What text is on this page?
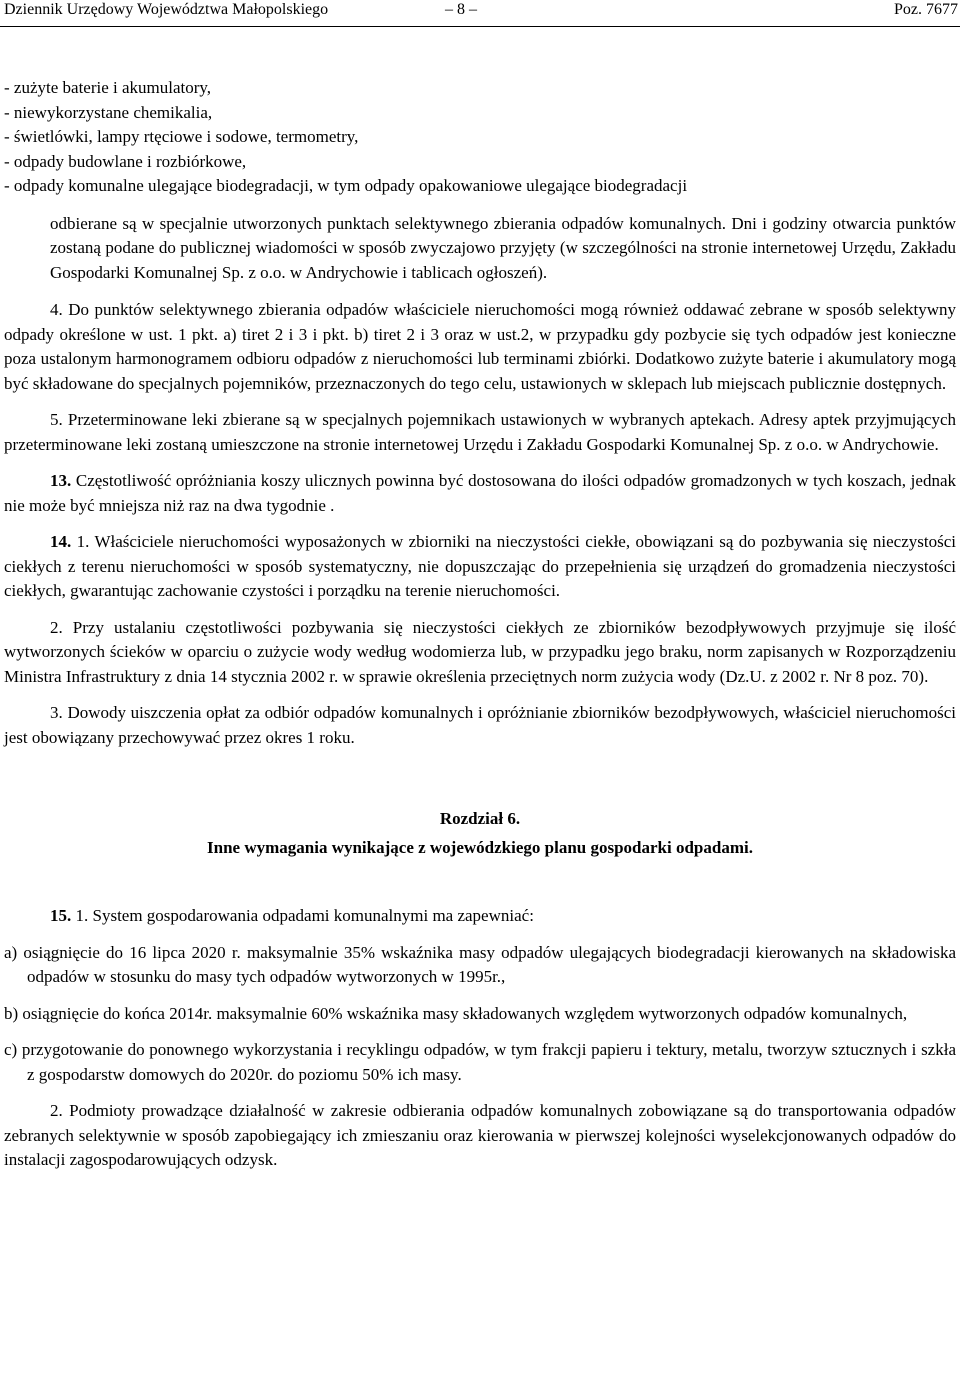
Dziennik Urzędowy Województwa Małopolskiego	– 8 –	Poz. 7677
- zużyte baterie i akumulatory,
- niewykorzystane chemikalia,
- świetlówki, lampy rtęciowe i sodowe, termometry,
- odpady budowlane i rozbiórkowe,
- odpady komunalne ulegające biodegradacji, w tym odpady opakowaniowe ulegające biodegradacji

odbierane są w specjalnie utworzonych punktach selektywnego zbierania odpadów komunalnych. Dni i godziny otwarcia punktów zostaną podane do publicznej wiadomości w sposób zwyczajowo przyjęty (w szczególności na stronie internetowej Urzędu, Zakładu Gospodarki Komunalnej Sp. z o.o. w Andrychowie i tablicach ogłoszeń).

4. Do punktów selektywnego zbierania odpadów właściciele nieruchomości mogą również oddawać zebrane w sposób selektywny odpady określone w ust. 1 pkt. a) tiret 2 i 3 i pkt. b) tiret 2 i 3 oraz w ust.2, w przypadku gdy pozbycie się tych odpadów jest konieczne poza ustalonym harmonogramem odbioru odpadów z nieruchomości lub terminami zbiórki. Dodatkowo zużyte baterie i akumulatory mogą być składowane do specjalnych pojemników, przeznaczonych do tego celu, ustawionych w sklepach lub miejscach publicznie dostępnych.

5. Przeterminowane leki zbierane są w specjalnych pojemnikach ustawionych w wybranych aptekach. Adresy aptek przyjmujących przeterminowane leki zostaną umieszczone na stronie internetowej Urzędu i Zakładu Gospodarki Komunalnej Sp. z o.o. w Andrychowie.

13. Częstotliwość opróżniania koszy ulicznych powinna być dostosowana do ilości odpadów gromadzonych w tych koszach, jednak nie może być mniejsza niż raz na dwa tygodnie .

14. 1. Właściciele nieruchomości wyposażonych w zbiorniki na nieczystości ciekłe, obowiązani są do pozbywania się nieczystości ciekłych z terenu nieruchomości w sposób systematyczny, nie dopuszczając do przepełnienia się urządzeń do gromadzenia nieczystości ciekłych, gwarantując zachowanie czystości i porządku na terenie nieruchomości.

2. Przy ustalaniu częstotliwości pozbywania się nieczystości ciekłych ze zbiorników bezodpływowych przyjmuje się ilość wytworzonych ścieków w oparciu o zużycie wody według wodomierza lub, w przypadku jego braku, norm zapisanych w Rozporządzeniu Ministra Infrastruktury z dnia 14 stycznia 2002 r. w sprawie określenia przeciętnych norm zużycia wody (Dz.U. z 2002 r. Nr 8 poz. 70).

3. Dowody uiszczenia opłat za odbiór odpadów komunalnych i opróżnianie zbiorników bezodpływowych, właściciel nieruchomości jest obowiązany przechowywać przez okres 1 roku.

Rozdział 6.
Inne wymagania wynikające z wojewódzkiego planu gospodarki odpadami.

15. 1. System gospodarowania odpadami komunalnymi ma zapewniać:

a) osiągnięcie do 16 lipca 2020 r. maksymalnie 35% wskaźnika masy odpadów ulegających biodegradacji kierowanych na składowiska odpadów w stosunku do masy tych odpadów wytworzonych w 1995r.,

b) osiągnięcie do końca 2014r. maksymalnie 60% wskaźnika masy składowanych względem wytworzonych odpadów komunalnych,

c) przygotowanie do ponownego wykorzystania i recyklingu odpadów, w tym frakcji papieru i tektury, metalu, tworzyw sztucznych i szkła z gospodarstw domowych do 2020r. do poziomu 50% ich masy.

2. Podmioty prowadzące działalność w zakresie odbierania odpadów komunalnych zobowiązane są do transportowania odpadów zebranych selektywnie w sposób zapobiegający ich zmieszaniu oraz kierowania w pierwszej kolejności wyselekcjonowanych odpadów do instalacji zagospodarowujących odzysk.
